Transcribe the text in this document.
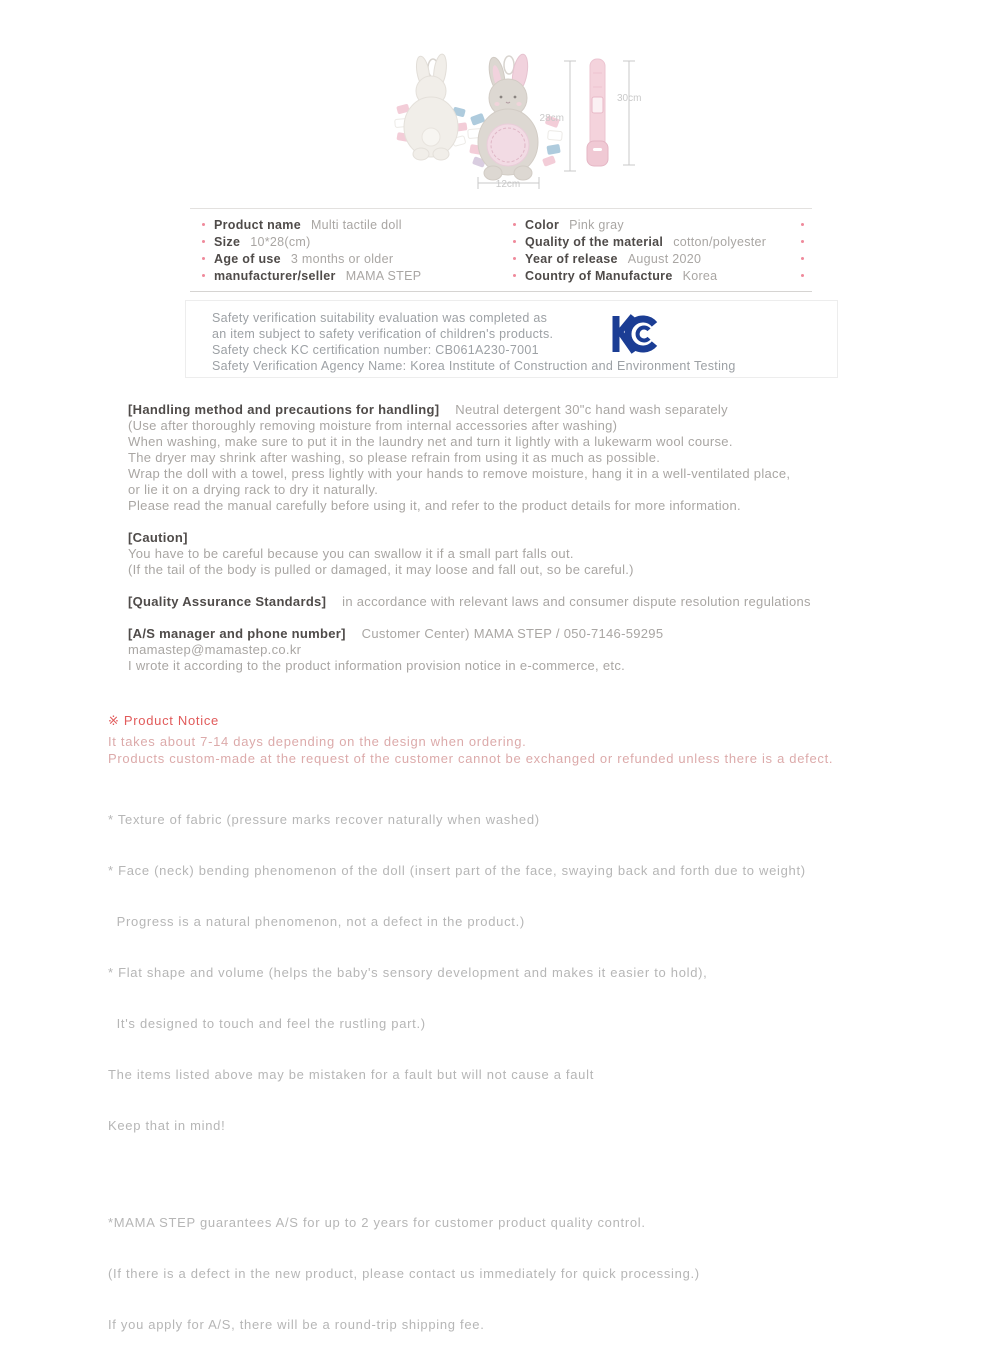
28cm
30cm
12cm
Product name Multi tactile doll
Size 10*28(cm)
Age of use 3 months or older
manufacturer/seller MAMA STEP
Color Pink gray
Quality of the material cotton/polyester
Year of release August 2020
Country of Manufacture Korea
Safety verification suitability evaluation was completed as
an item subject to safety verification of children's products.
Safety check KC certification number: CB061A230-7001
Safety Verification Agency Name: Korea Institute of Construction and Environment Testing
[Handling method and precautions for handling] Neutral detergent 30"c hand wash separately
(Use after thoroughly removing moisture from internal accessories after washing)
When washing, make sure to put it in the laundry net and turn it lightly with a lukewarm wool course.
The dryer may shrink after washing, so please refrain from using it as much as possible.
Wrap the doll with a towel, press lightly with your hands to remove moisture, hang it in a well-ventilated place,
or lie it on a drying rack to dry it naturally.
Please read the manual carefully before using it, and refer to the product details for more information.
[Caution]
You have to be careful because you can swallow it if a small part falls out.
(If the tail of the body is pulled or damaged, it may loose and fall out, so be careful.)
[Quality Assurance Standards] in accordance with relevant laws and consumer dispute resolution regulations
[A/S manager and phone number] Customer Center) MAMA STEP / 050-7146-59295
mamastep@mamastep.co.kr
I wrote it according to the product information provision notice in e-commerce, etc.
※ Product Notice
It takes about 7-14 days depending on the design when ordering.
Products custom-made at the request of the customer cannot be exchanged or refunded unless there is a defect.

* Texture of fabric (pressure marks recover naturally when washed)

* Face (neck) bending phenomenon of the doll (insert part of the face, swaying back and forth due to weight)

Progress is a natural phenomenon, not a defect in the product.)

* Flat shape and volume (helps the baby's sensory development and makes it easier to hold),

It's designed to touch and feel the rustling part.)

The items listed above may be mistaken for a fault but will not cause a fault

Keep that in mind!

*MAMA STEP guarantees A/S for up to 2 years for customer product quality control.

(If there is a defect in the new product, please contact us immediately for quick processing.)

If you apply for A/S, there will be a round-trip shipping fee.
